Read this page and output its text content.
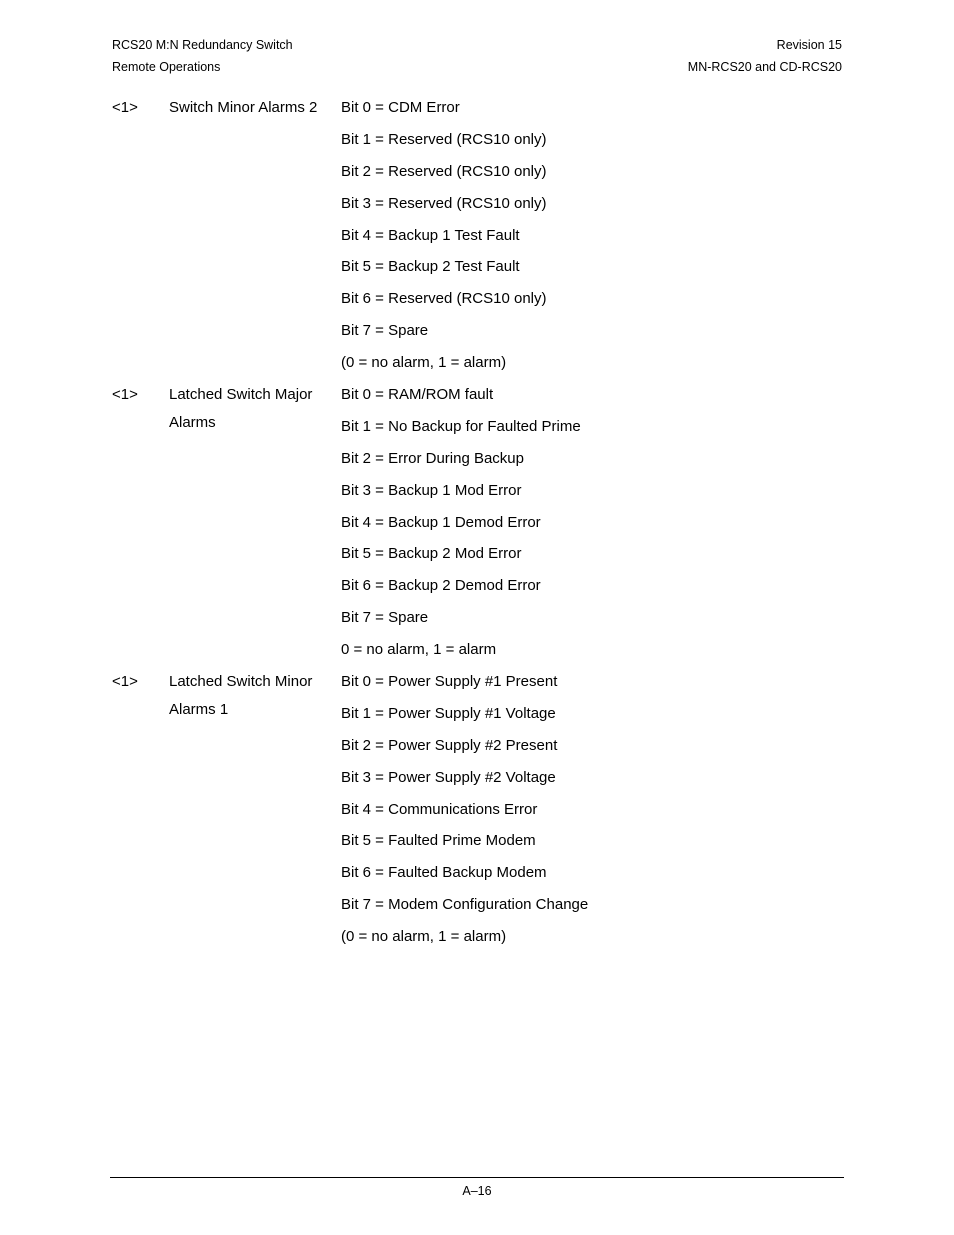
RCS20 M:N Redundancy Switch
Remote Operations
Revision 15
MN-RCS20 and CD-RCS20
<1> Switch Minor Alarms 2	Bit 0 = CDM Error
Bit 1 = Reserved (RCS10 only)
Bit 2 = Reserved (RCS10 only)
Bit 3 = Reserved (RCS10 only)
Bit 4 = Backup 1 Test Fault
Bit 5 = Backup 2 Test Fault
Bit 6 = Reserved (RCS10 only)
Bit 7 = Spare
(0 = no alarm, 1 = alarm)
<1> Latched Switch Major Alarms
Bit 0 = RAM/ROM fault
Bit 1 = No Backup for Faulted Prime
Bit 2 = Error During Backup
Bit 3 = Backup 1 Mod Error
Bit 4 = Backup 1 Demod Error
Bit 5 = Backup 2 Mod Error
Bit 6 = Backup 2 Demod Error
Bit 7 = Spare
0 = no alarm, 1 = alarm
<1> Latched Switch Minor Alarms 1
Bit 0 = Power Supply #1 Present
Bit 1 = Power Supply #1 Voltage
Bit 2 = Power Supply #2 Present
Bit 3 = Power Supply #2 Voltage
Bit 4 = Communications Error
Bit 5 = Faulted Prime Modem
Bit 6 = Faulted Backup Modem
Bit 7 = Modem Configuration Change
(0 = no alarm, 1 = alarm)
A–16
